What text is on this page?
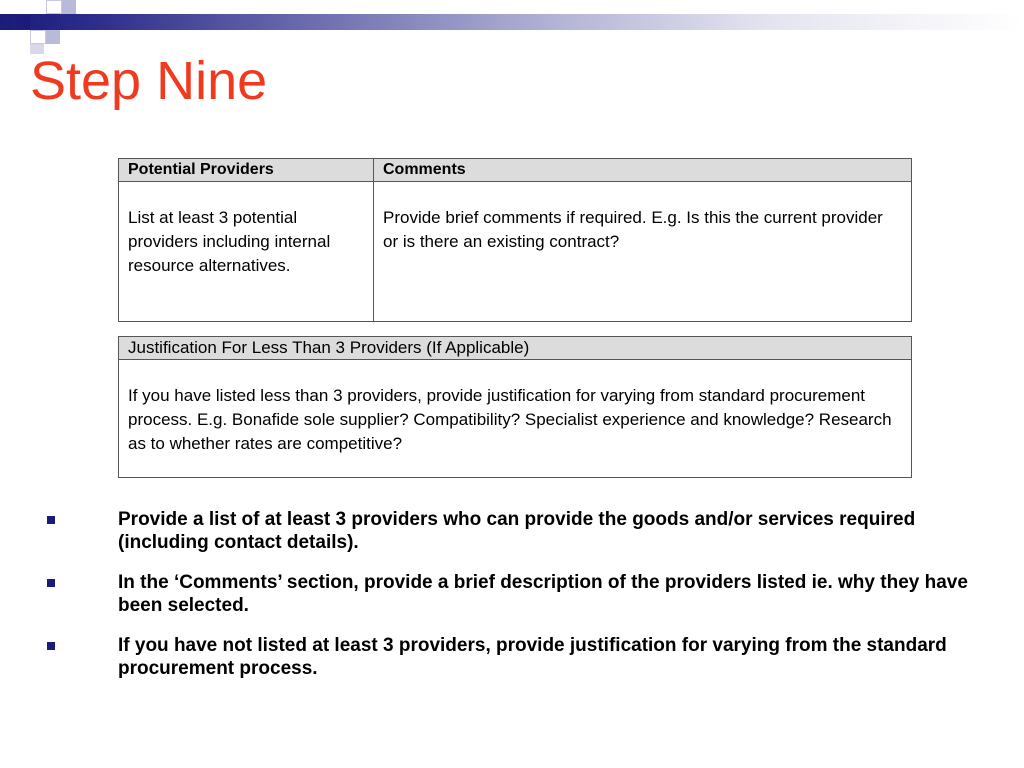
Step Nine
Potential Providers	Comments
List at least 3 potential providers including internal resource alternatives.	Provide brief comments if required. E.g. Is this the current provider or is there an existing contract?
Justification For Less Than 3 Providers (If Applicable)
If you have listed less than 3 providers, provide justification for varying from standard procurement process. E.g. Bonafide sole supplier? Compatibility? Specialist experience and knowledge? Research as to whether rates are competitive?
Provide a list of at least 3 providers who can provide the goods and/or services required (including contact details).
In the ‘Comments’ section, provide a brief description of the providers listed ie. why they have been selected.
If you have not listed at least 3 providers, provide justification for varying from the standard procurement process.
